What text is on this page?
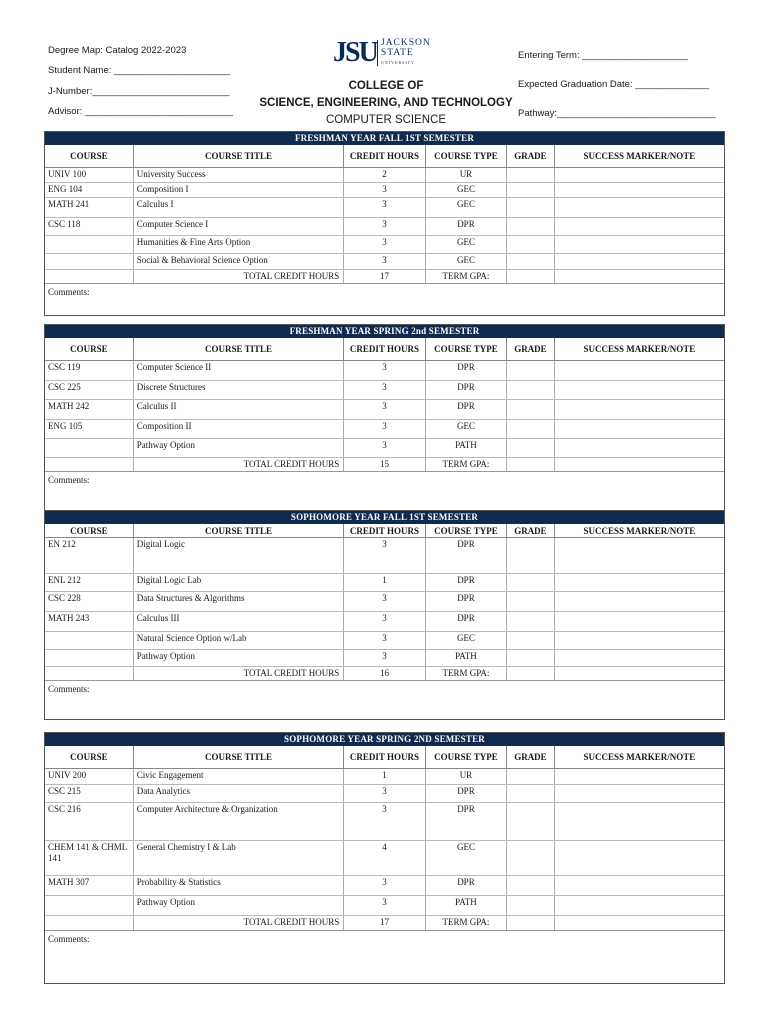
Degree Map: Catalog 2022-2023
Student Name: ______________________
J-Number:__________________________
Advisor: ____________________________
JSU JACKSON
STATE
UNIVERSITY
COLLEGE OF
SCIENCE, ENGINEERING, AND TECHNOLOGY
COMPUTER SCIENCE
Entering Term: ____________________
Expected Graduation Date: ______________
Pathway:______________________________
FRESHMAN YEAR FALL 1ST SEMESTER
COURSE	COURSE TITLE	CREDIT HOURS	COURSE TYPE	GRADE	SUCCESS MARKER/NOTE
UNIV 100	University Success	2	UR		
ENG 104	Composition I	3	GEC		
MATH 241	Calculus I	3	GEC		
CSC 118	Computer Science I	3	DPR		
	Humanities & Fine Arts Option	3	GEC		
	Social & Behavioral Science Option	3	GEC		
	TOTAL CREDIT HOURS	17	TERM GPA:		
Comments:
FRESHMAN YEAR SPRING 2nd SEMESTER
COURSE	COURSE TITLE	CREDIT HOURS	COURSE TYPE	GRADE	SUCCESS MARKER/NOTE
CSC 119	Computer Science II	3	DPR		
CSC 225	Discrete Structures	3	DPR		
MATH 242	Calculus II	3	DPR		
ENG 105	Composition II	3	GEC		
	Pathway Option	3	PATH		
	TOTAL CREDIT HOURS	15	TERM GPA:		
Comments:
SOPHOMORE YEAR FALL 1ST SEMESTER
COURSE	COURSE TITLE	CREDIT HOURS	COURSE TYPE	GRADE	SUCCESS MARKER/NOTE
EN 212	Digital Logic	3	DPR		
ENL 212	Digital Logic Lab	1	DPR		
CSC 228	Data Structures & Algorithms	3	DPR		
MATH 243	Calculus III	3	DPR		
	Natural Science Option w/Lab	3	GEC		
	Pathway Option	3	PATH		
	TOTAL CREDIT HOURS	16	TERM GPA:		
Comments:
SOPHOMORE YEAR SPRING 2ND SEMESTER
COURSE	COURSE TITLE	CREDIT HOURS	COURSE TYPE	GRADE	SUCCESS MARKER/NOTE
UNIV 200	Civic Engagement	1	UR		
CSC 215	Data Analytics	3	DPR		
CSC 216	Computer Architecture & Organization	3	DPR		
CHEM 141 & CHML 141	General Chemistry I & Lab	4	GEC		
MATH 307	Probability & Statistics	3	DPR		
	Pathway Option	3	PATH		
	TOTAL CREDIT HOURS	17	TERM GPA:		
Comments:
